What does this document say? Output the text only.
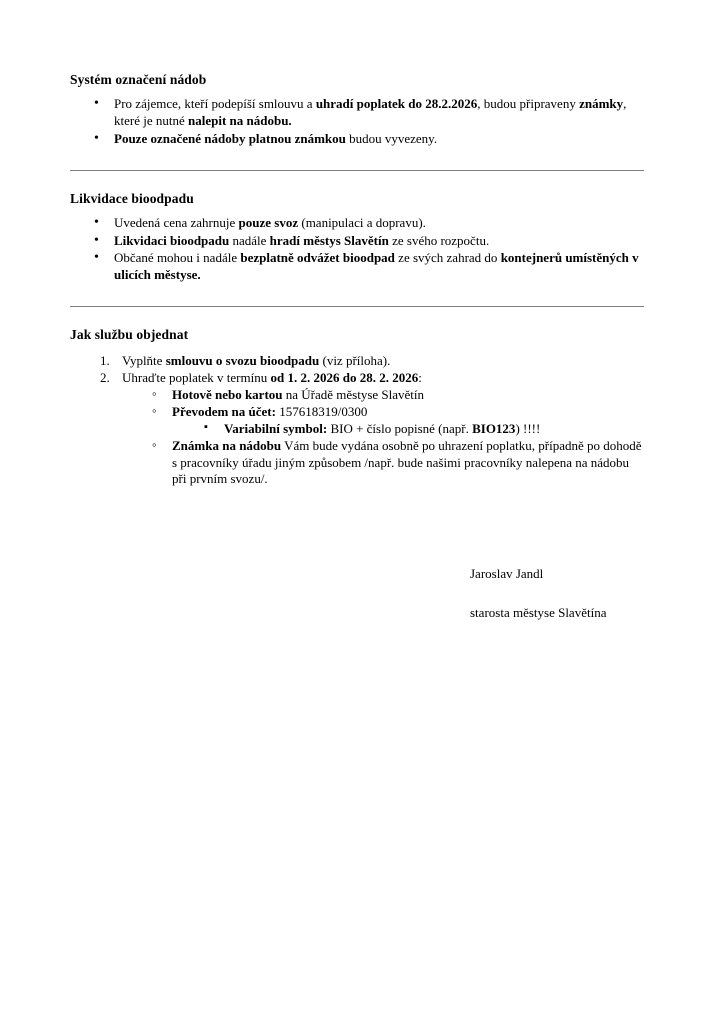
Systém označení nádob
• Pro zájemce, kteří podepíší smlouvu a uhradí poplatek do 28.2.2026, budou připraveny známky, které je nutné nalepit na nádobu.
• Pouze označené nádoby platnou známkou budou vyvezeny.
Likvidace bioodpadu
• Uvedená cena zahrnuje pouze svoz (manipulaci a dopravu).
• Likvidaci bioodpadu nadále hradí městys Slavětín ze svého rozpočtu.
• Občané mohou i nadále bezplatně odvážet bioodpad ze svých zahrad do kontejnerů umístěných v ulicích městyse.
Jak službu objednat
Vyplňte smlouvu o svozu bioodpadu (viz příloha).
Uhraďte poplatek v termínu od 1. 2. 2026 do 28. 2. 2026:
◦ Hotově nebo kartou na Úřadě městyse Slavětín
◦ Převodem na účet: 157618319/0300
▪ Variabilní symbol: BIO + číslo popisné (např. BIO123) !!!!
◦ Známka na nádobu Vám bude vydána osobně po uhrazení poplatku, případně po dohodě s pracovníky úřadu jiným způsobem /např. bude našimi pracovníky nalepena na nádobu při prvním svozu/.
Jaroslav Jandl
starosta městyse Slavětína
